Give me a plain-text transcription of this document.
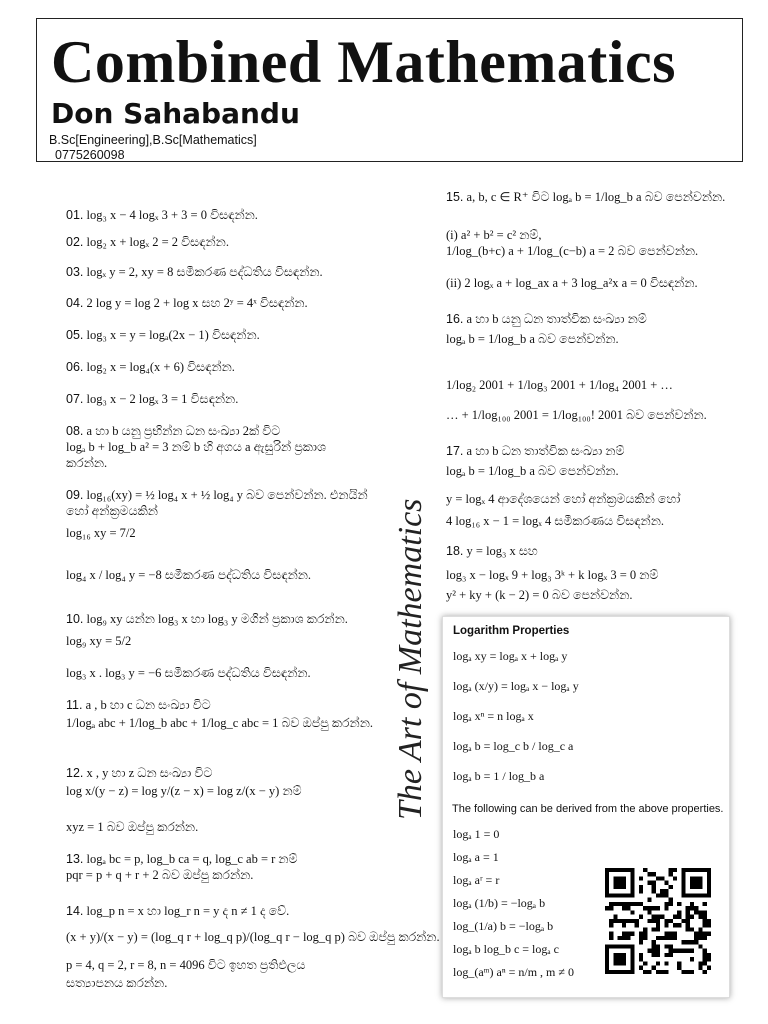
Combined Mathematics
Don Sahabandu
B.Sc[Engineering],B.Sc[Mathematics]
0775260098
01. log₃ x − 4 logₓ 3 + 3 = 0 විසඳන්න.
02. log₂ x + logₓ 2 = 2 විසඳන්න.
03. logₓ y = 2, xy = 8 සමීකරණ පද්ධතිය විසඳන්න.
04. 2 log y = log 2 + log x සහ 2ʸ = 4ˣ විසඳන්න.
05. log₃ x = y = logₐ(2x − 1) විසඳන්න.
06. log₂ x = log₄(x + 6) විසඳන්න.
07. log₃ x − 2 logₓ 3 = 1 විසඳන්න.
08. a හා b යනු ප්‍රභින්න ධන සංඛ්‍යා 2ක් විට
logₐ b + log_b a² = 3 නම් b හි අගය a ඇසුරින් ප්‍රකාශ
කරන්න.
09. log₁₆(xy) = ½ log₄ x + ½ log₄ y බව පෙන්වන්න. එනයින්
හෝ අන්ක්‍රමයකින්
log₁₆ xy = 7/2
log₄ x / log₄ y = −8 සමීකරණ පද්ධතිය විසඳන්න.
10. log₉ xy යන්න log₃ x හා log₃ y මගින් ප්‍රකාශ කරන්න.
log₉ xy = 5/2
log₃ x . log₃ y = −6 සමීකරණ පද්ධතිය විසඳන්න.
11. a , b හා c ධන සංඛ්‍යා විට
1/logₐ abc + 1/log_b abc + 1/log_c abc = 1 බව ඔප්පු කරන්න.
12. x , y හා z ධන සංඛ්‍යා විට
log x/(y − z) = log y/(z − x) = log z/(x − y) නම්
xyz = 1 බව ඔප්පු කරන්න.
13. logₐ bc = p, log_b ca = q, log_c ab = r නම්
pqr = p + q + r + 2 බව ඔප්පු කරන්න.
14. log_p n = x හා log_r n = y ද n ≠ 1 ද වේ.
(x + y)/(x − y) = (log_q r + log_q p)/(log_q r − log_q p) බව ඔප්පු කරන්න.
p = 4, q = 2, r = 8, n = 4096 විට ඉහත ප්‍රතිඵලය
සත්‍යාපනය කරන්න.
15. a, b, c ∈ R⁺ විට logₐ b = 1/log_b a බව පෙන්වන්න.
(i) a² + b² = c² නම්,
1/log_(b+c) a + 1/log_(c−b) a = 2 බව පෙන්වන්න.
(ii) 2 logₓ a + log_ax a + 3 log_a²x a = 0 විසඳන්න.
16. a හා b යනු ධන තාත්වික සංඛ්‍යා නම්
logₐ b = 1/log_b a බව පෙන්වන්න.
1/log₂ 2001 + 1/log₃ 2001 + 1/log₄ 2001 + …
… + 1/log₁₀₀ 2001 = 1/log₁₀₀! 2001 බව පෙන්වන්න.
17. a හා b ධන තාත්වික සංඛ්‍යා නම්
logₐ b = 1/log_b a බව පෙන්වන්න.
y = logₓ 4 ආදේශයෙන් හෝ අන්ක්‍රමයකින් හෝ
4 log₁₆ x − 1 = logₓ 4 සමීකරණය විසඳන්න.
18. y = log₃ x සහ
log₃ x − logₓ 9 + log₃ 3ᵏ + k logₓ 3 = 0 නම්
y² + ky + (k − 2) = 0 බව පෙන්වන්න.
The Art of Mathematics Logarithm Properties
logₐ xy = logₐ x + logₐ y
logₐ (x/y) = logₐ x − logₐ y
logₐ xⁿ = n logₐ x
logₐ b = log_c b / log_c a
logₐ b = 1 / log_b a
The following can be derived from the above properties.
logₐ 1 = 0
logₐ a = 1
logₐ aʳ = r
logₐ (1/b) = −logₐ b
log_(1/a) b = −logₐ b
logₐ b log_b c = logₐ c
log_(aᵐ) aⁿ = n/m , m ≠ 0
